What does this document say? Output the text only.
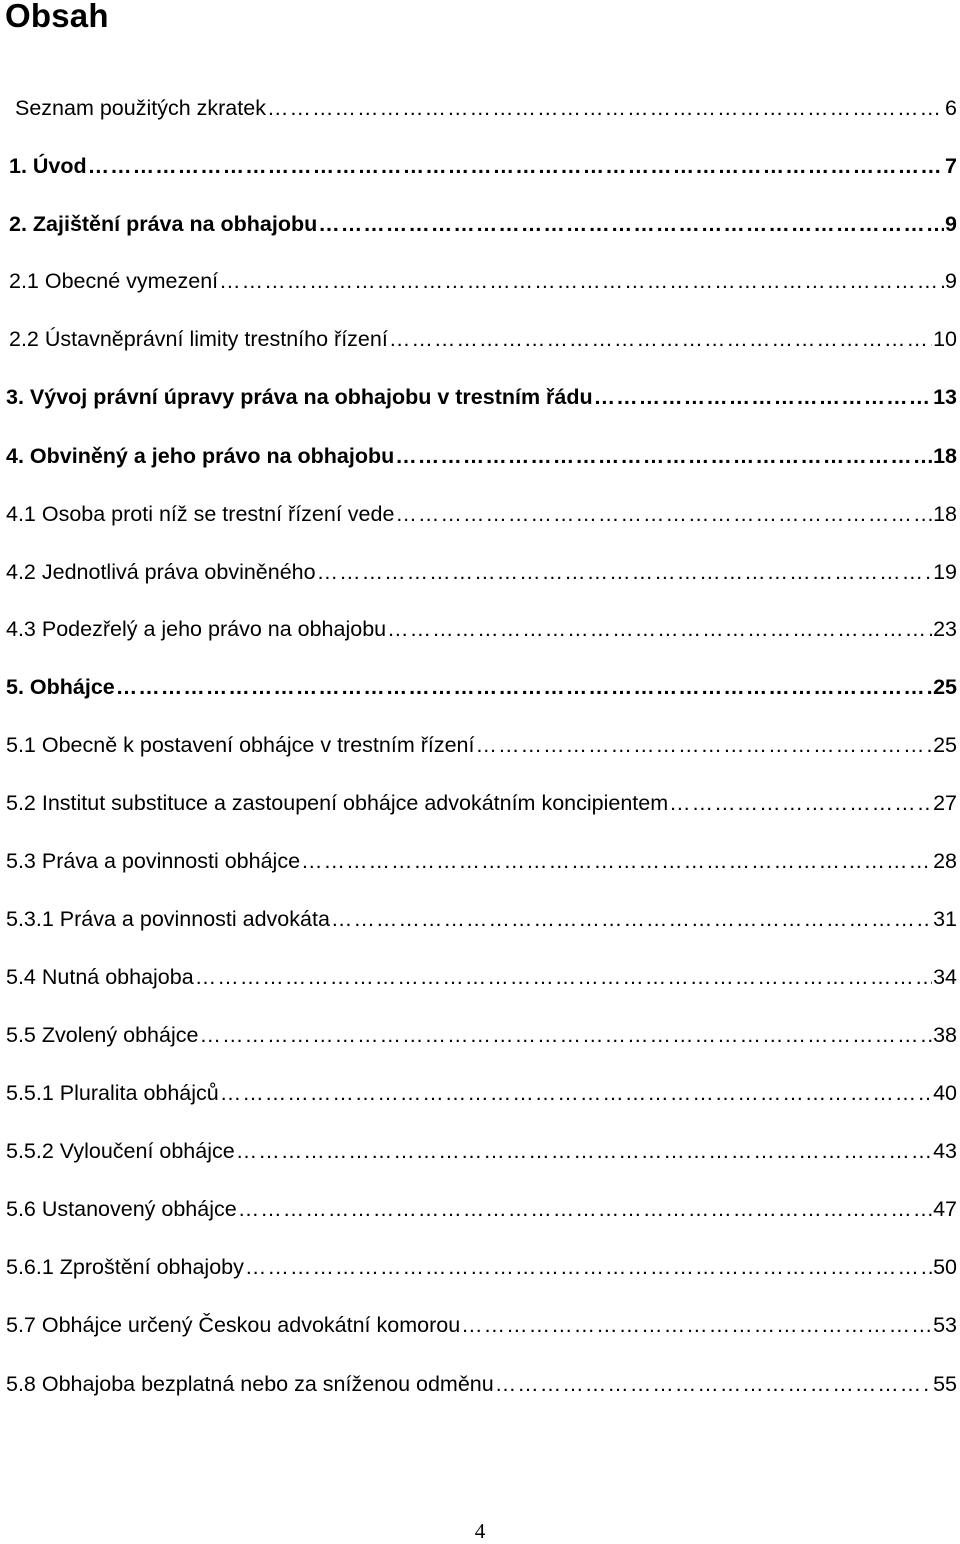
Obsah
Seznam použitých zkratek ……………………………………………………………………………………………………………………………………………………………………………………………………	6
1. Úvod ……………………………………………………………………………………………………………………………………………………………………………………………………	7
2. Zajištění práva na obhajobu ……………………………………………………………………………………………………………………………………………………………………………………………………	9
2.1 Obecné vymezení ……………………………………………………………………………………………………………………………………………………………………………………………………	9
2.2 Ústavněprávní limity trestního řízení ……………………………………………………………………………………………………………………………………………………………………………………………………	10
3. Vývoj právní úpravy práva na obhajobu v trestním řádu ……………………………………………………………………………………………………………………………………………………………………………………………………	13
4. Obviněný a jeho právo na obhajobu ……………………………………………………………………………………………………………………………………………………………………………………………………	18
4.1 Osoba proti níž se trestní řízení vede ……………………………………………………………………………………………………………………………………………………………………………………………………	18
4.2 Jednotlivá práva obviněného ……………………………………………………………………………………………………………………………………………………………………………………………………	19
4.3 Podezřelý a jeho právo na obhajobu ……………………………………………………………………………………………………………………………………………………………………………………………………	23
5. Obhájce ……………………………………………………………………………………………………………………………………………………………………………………………………	25
5.1 Obecně k postavení obhájce v trestním řízení ……………………………………………………………………………………………………………………………………………………………………………………………………	25
5.2 Institut substituce a zastoupení obhájce advokátním koncipientem ……………………………………………………………………………………………………………………………………………………………………………………………………	27
5.3 Práva a povinnosti obhájce ……………………………………………………………………………………………………………………………………………………………………………………………………	28
5.3.1 Práva a povinnosti advokáta ……………………………………………………………………………………………………………………………………………………………………………………………………	31
5.4 Nutná obhajoba ……………………………………………………………………………………………………………………………………………………………………………………………………	34
5.5 Zvolený obhájce ……………………………………………………………………………………………………………………………………………………………………………………………………	38
5.5.1 Pluralita obhájců ……………………………………………………………………………………………………………………………………………………………………………………………………	40
5.5.2 Vyloučení obhájce ……………………………………………………………………………………………………………………………………………………………………………………………………	43
5.6 Ustanovený obhájce ……………………………………………………………………………………………………………………………………………………………………………………………………	47
5.6.1 Zproštění obhajoby ……………………………………………………………………………………………………………………………………………………………………………………………………	50
5.7 Obhájce určený Českou advokátní komorou ……………………………………………………………………………………………………………………………………………………………………………………………………	53
5.8 Obhajoba bezplatná nebo za sníženou odměnu ……………………………………………………………………………………………………………………………………………………………………………………………………	55
4
